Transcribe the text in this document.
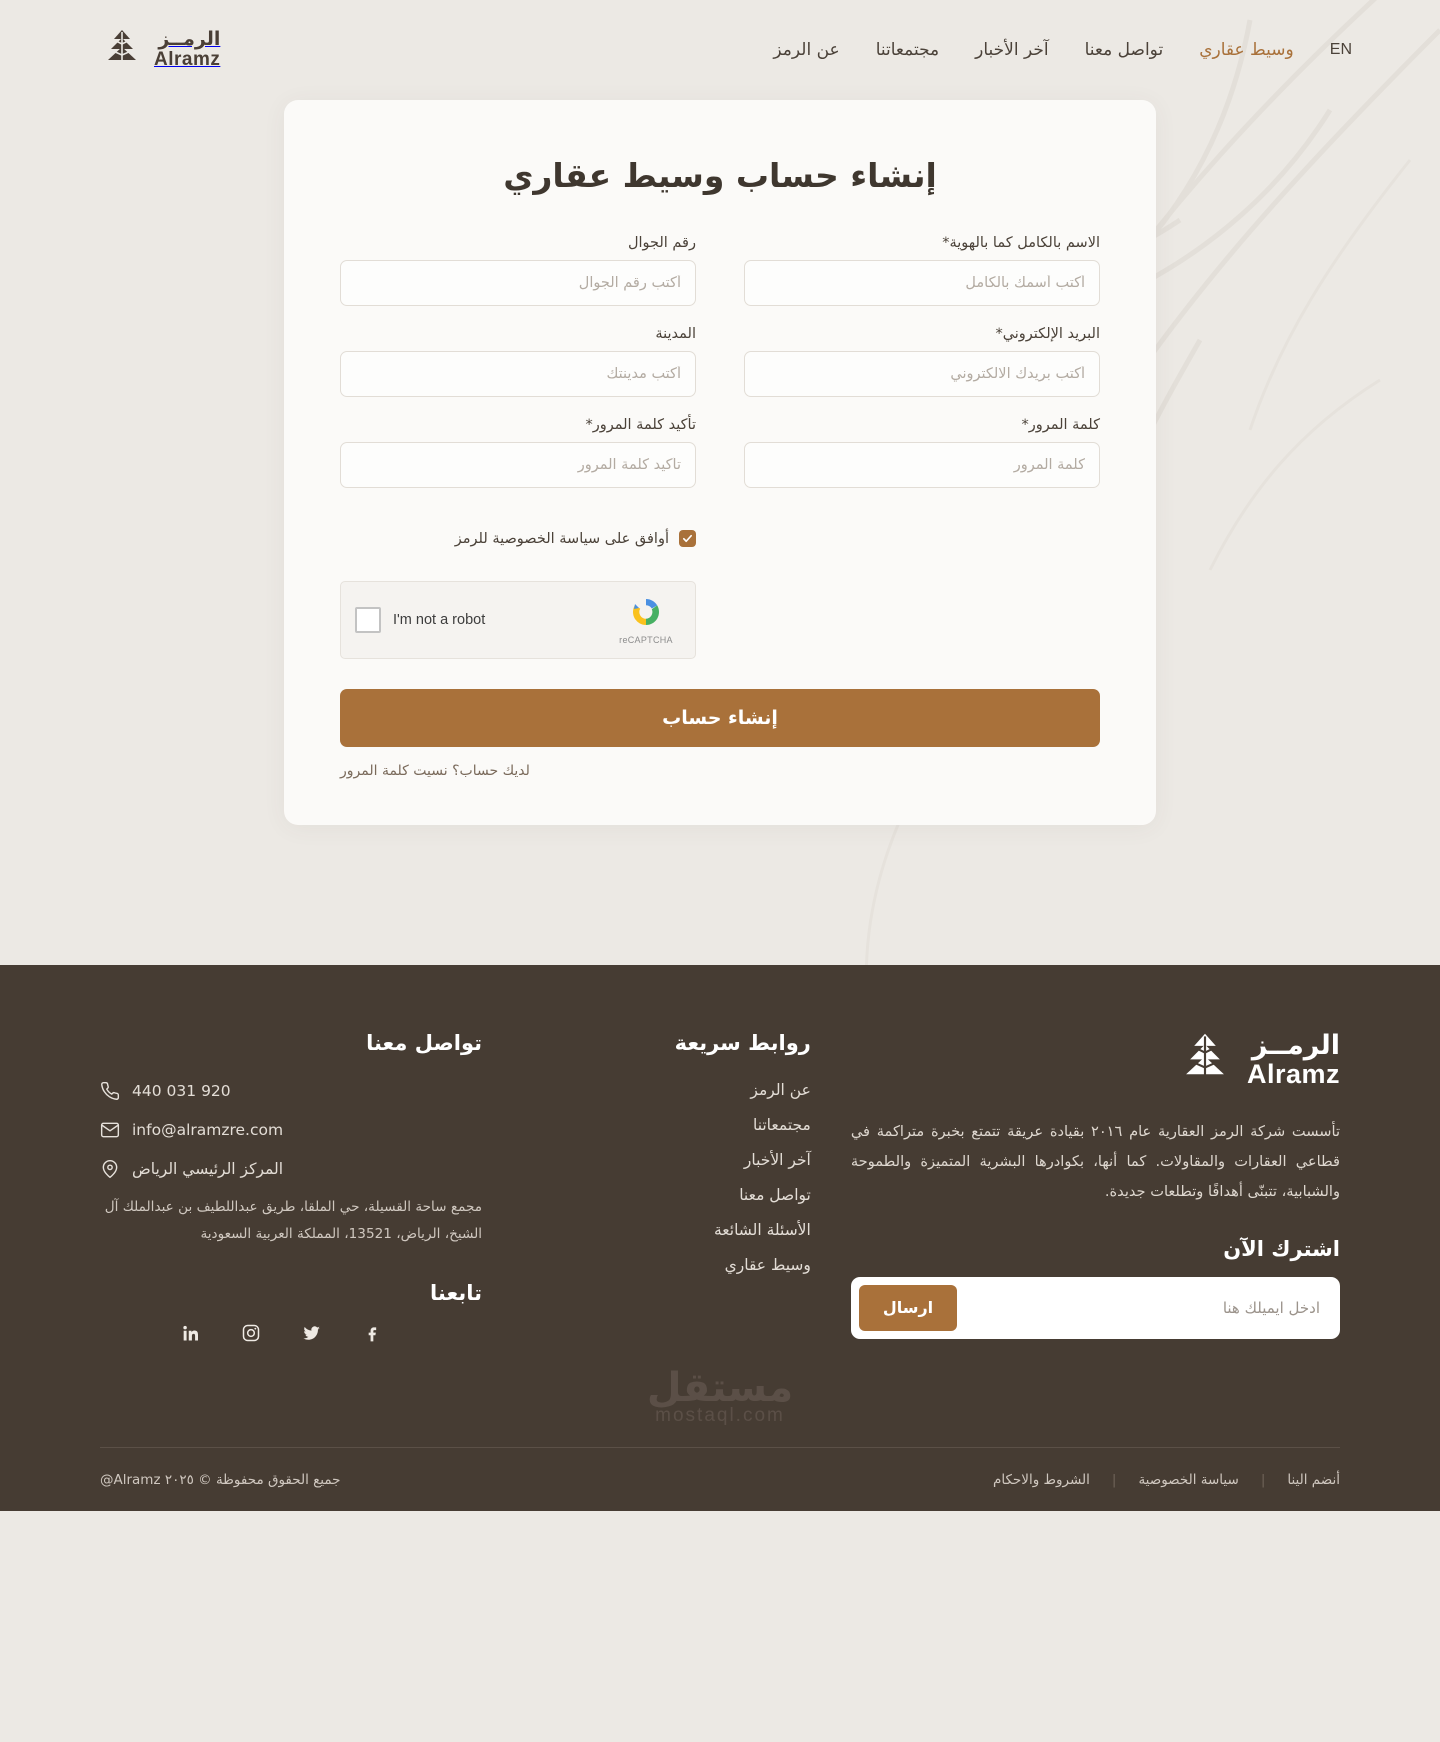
EN
وسيط عقاري
تواصل معنا
آخر الأخبار
مجتمعاتنا
عن الرمز
الرمــز
Alramz
إنشاء حساب وسيط عقاري
الاسم بالكامل كما بالهوية*
أكتب أسمك بالكامل
رقم الجوال
أكتب رقم الجوال
البريد الإلكتروني*
أكتب بريدك الالكتروني
المدينة
أكتب مدينتك
كلمة المرور*
تأكيد كلمة المرور*
أوافق على سياسة الخصوصية للرمز
I'm not a robot
reCAPTCHA
إنشاء حساب
لديك حساب؟ نسيت كلمة المرور
الرمــز
Alramz

تأسست شركة الرمز العقارية عام ٢٠١٦ بقيادة عريقة تتمتع بخبرة متراكمة في قطاعي العقارات والمقاولات. كما أنها، بكوادرها البشرية المتميزة والطموحة والشبابية، تتبنّى أهدافًا وتطلعات جديدة.

اشترك الآن
ادخل ايميلك هنا
ارسال
روابط سريعة
عن الرمز
مجتمعاتنا
آخر الأخبار
تواصل معنا
الأسئلة الشائعة
وسيط عقاري
تواصل معنا
920 031 440
info@alramzre.com
المركز الرئيسي الرياض
مجمع ساحة القسيلة، حي الملقا، طريق عبداللطيف بن عبدالملك آل الشيخ، الرياض، 13521، المملكة العربية السعودية
تابعنا
مستقل
mostaql.com
أنضم الينا
|
سياسة الخصوصية
|
الشروط والاحكام
جميع الحقوق محفوظة © ٢٠٢٥ Alramz@
